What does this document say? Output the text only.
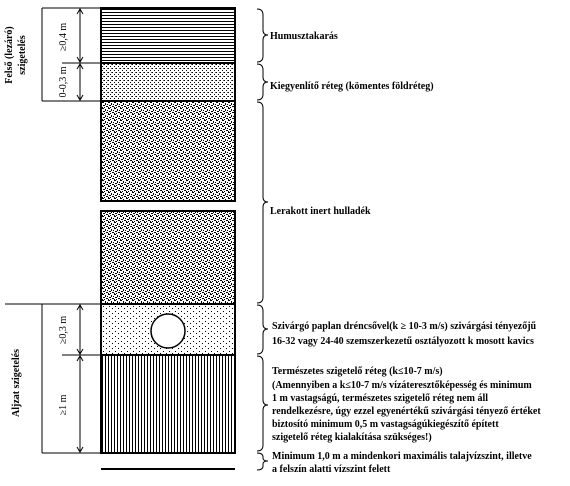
Felső (lezáró) szigetelés
Aljzat szigetelés
≥0,4 m
0-0,3 m
≥0,3 m
≥1 m
Humusztakarás
Kiegyenlítő réteg (kömentes földréteg)
Lerakott inert hulladék
Szivárgó paplan dréncsővel(k ≥ 10-3 m/s) szivárgási tényezőjű
16-32 vagy 24-40 szemszerkezetű osztályozott k mosott kavics
Természetes szigetelő réteg (k≤10-7 m/s)
(Amennyiben a k≤10-7 m/s vízáteresztőképesség és minimum
1 m vastagságú, természetes szigetelő réteg nem áll
rendelkezésre, úgy ezzel egyenértékű szivárgási tényező értéket
biztosító minimum 0,5 m vastagságúkiegészítő épített
szigetelő réteg kialakítása szükséges!)
Minimum 1,0 m a mindenkori maximális talajvízszint, illetve
a felszín alatti vízszint felett
